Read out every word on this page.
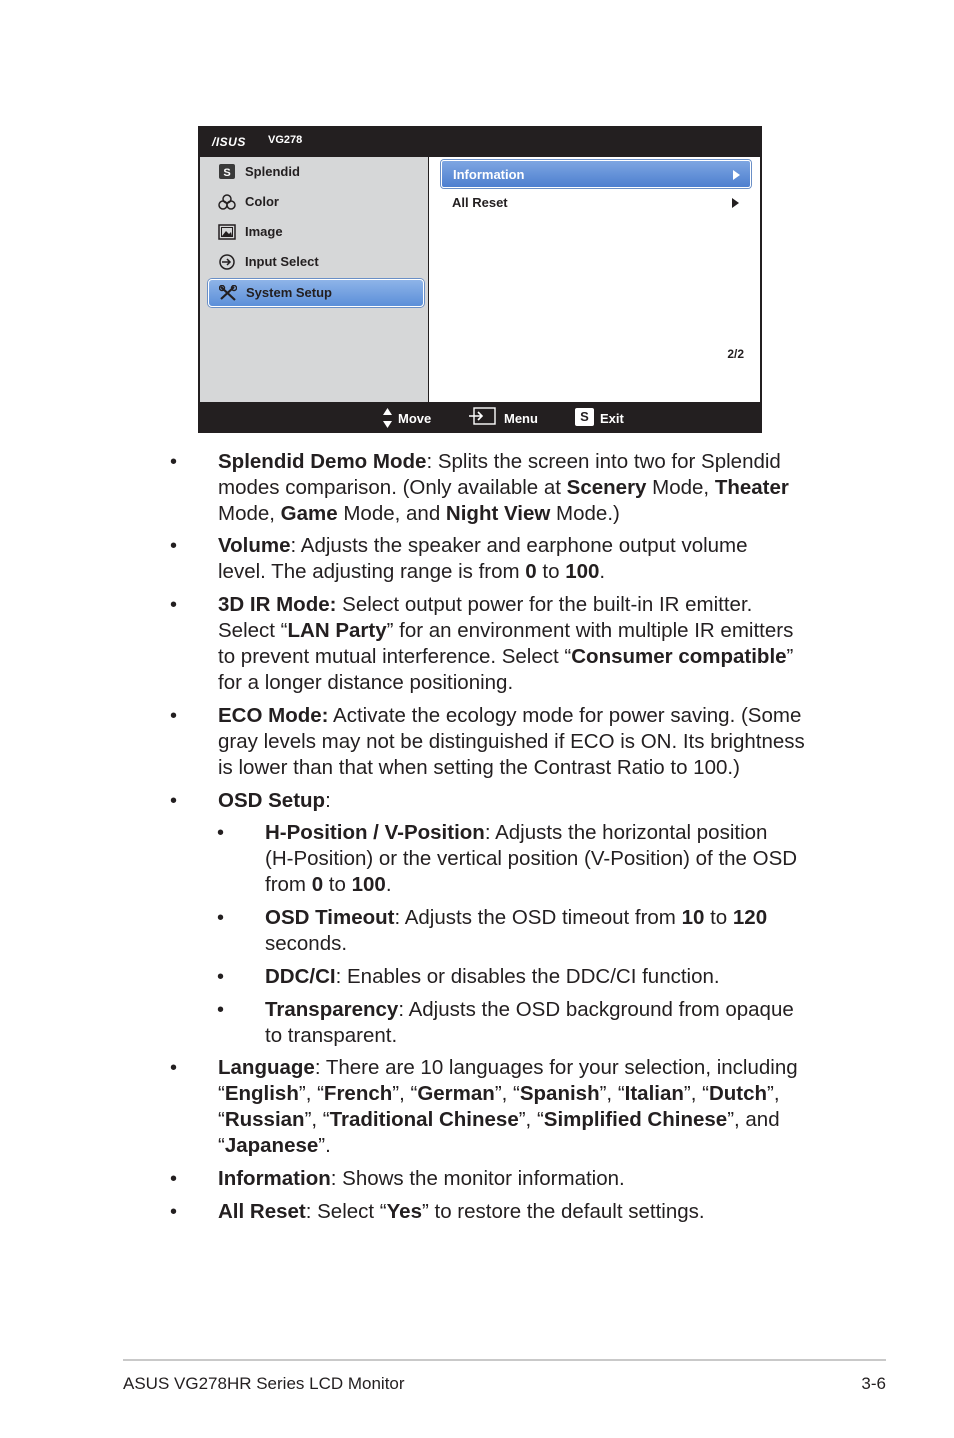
/ISUS VG278
S Splendid
Color
Image
Input Select
System Setup
Information
All Reset
2/2
Move	Menu	S Exit
• Splendid Demo Mode: Splits the screen into two for Splendid
modes comparison. (Only available at Scenery Mode, Theater
Mode, Game Mode, and Night View Mode.)
• Volume: Adjusts the speaker and earphone output volume
level. The adjusting range is from 0 to 100.
• 3D IR Mode: Select output power for the built-in IR emitter.
Select “LAN Party” for an environment with multiple IR emitters
to prevent mutual interference. Select “Consumer compatible”
for a longer distance positioning.
• ECO Mode: Activate the ecology mode for power saving. (Some
gray levels may not be distinguished if ECO is ON. Its brightness
is lower than that when setting the Contrast Ratio to 100.)
• OSD Setup:
• H-Position / V-Position: Adjusts the horizontal position
(H-Position) or the vertical position (V-Position) of the OSD
from 0 to 100.
• OSD Timeout: Adjusts the OSD timeout from 10 to 120
seconds.
• DDC/CI: Enables or disables the DDC/CI function.
• Transparency: Adjusts the OSD background from opaque
to transparent.
• Language: There are 10 languages for your selection, including
“English”, “French”, “German”, “Spanish”, “Italian”, “Dutch”,
“Russian”, “Traditional Chinese”, “Simplified Chinese”, and
“Japanese”.
• Information: Shows the monitor information.
• All Reset: Select “Yes” to restore the default settings.
ASUS VG278HR Series LCD Monitor	3-6
